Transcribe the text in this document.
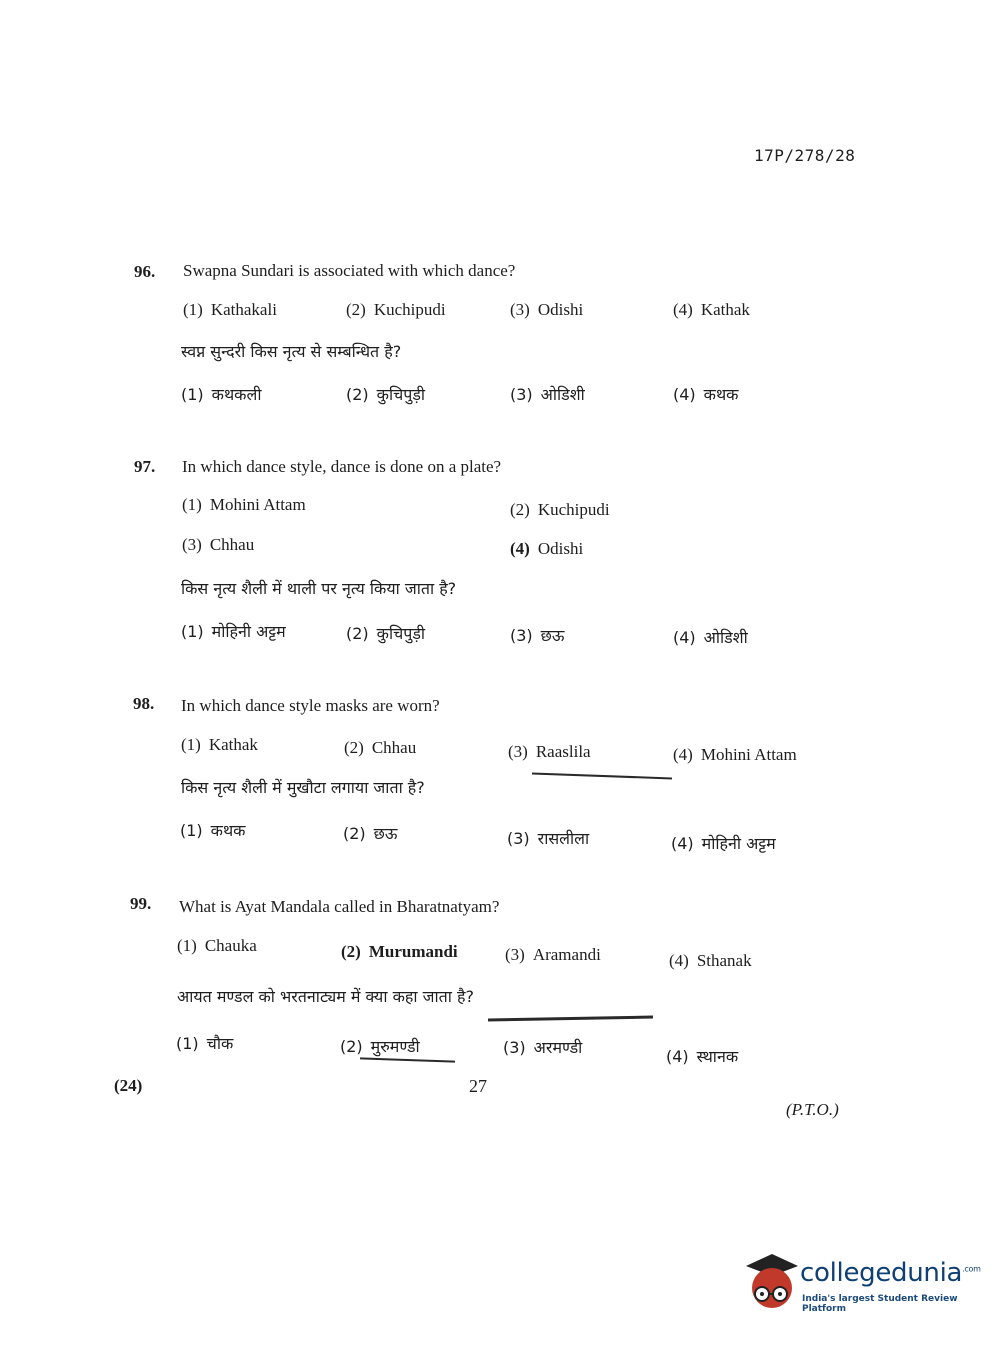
17P/278/28
96. Swapna Sundari is associated with which dance?
(1) Kathakali	(2) Kuchipudi	(3) Odishi	(4) Kathak
स्वप्न सुन्दरी किस नृत्य से सम्बन्धित है?
(1) कथकली	(2) कुचिपुड़ी	(3) ओडिशी	(4) कथक
97. In which dance style, dance is done on a plate?
(1) Mohini Attam	(2) Kuchipudi
(3) Chhau	(4) Odishi
किस नृत्य शैली में थाली पर नृत्य किया जाता है?
(1) मोहिनी अट्टम	(2) कुचिपुड़ी	(3) छऊ	(4) ओडिशी
98. In which dance style masks are worn?
(1) Kathak	(2) Chhau	(3) Raaslila	(4) Mohini Attam
किस नृत्य शैली में मुखौटा लगाया जाता है?
(1) कथक	(2) छऊ	(3) रासलीला	(4) मोहिनी अट्टम
99. What is Ayat Mandala called in Bharatnatyam?
(1) Chauka	(2) Murumandi	(3) Aramandi	(4) Sthanak
आयत मण्डल को भरतनाट्यम में क्या कहा जाता है?
(1) चौक	(2) मुरुमण्डी	(3) अरमण्डी	(4) स्थानक
(24)	27
(P.T.O.)
collegedunia$^{.com}$
India's largest Student Review Platform
